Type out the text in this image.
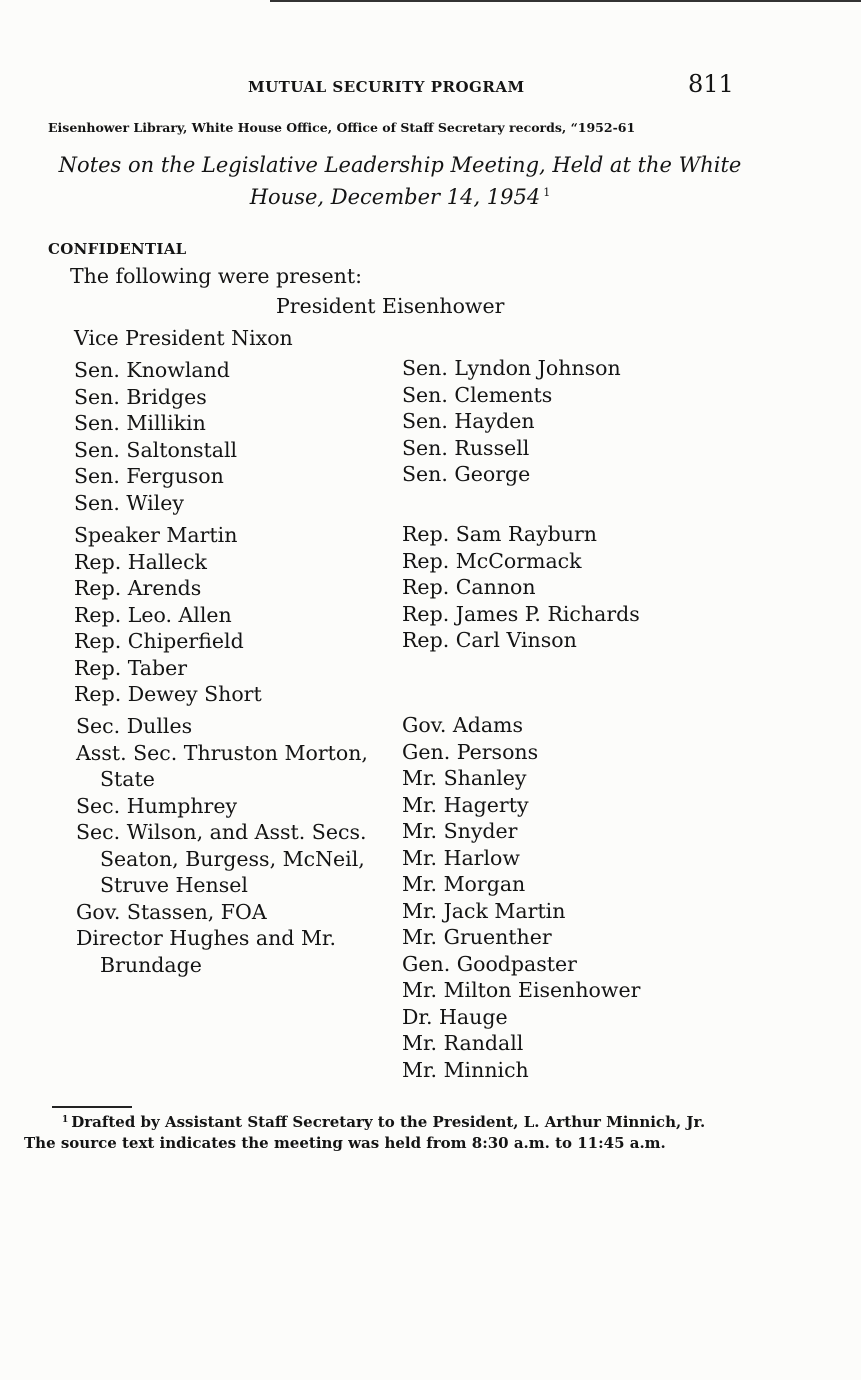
MUTUAL SECURITY PROGRAM	811
Eisenhower Library, White House Office, Office of Staff Secretary records, “1952-61
Notes on the Legislative Leadership Meeting, Held at the White
House, December 14, 1954 $^1$
CONFIDENTIAL
The following were present:
President Eisenhower
Vice President Nixon
Sen. Knowland
Sen. Bridges
Sen. Millikin
Sen. Saltonstall
Sen. Ferguson
Sen. Wiley
Sen. Lyndon Johnson
Sen. Clements
Sen. Hayden
Sen. Russell
Sen. George
Speaker Martin
Rep. Halleck
Rep. Arends
Rep. Leo. Allen
Rep. Chiperfield
Rep. Taber
Rep. Dewey Short
Rep. Sam Rayburn
Rep. McCormack
Rep. Cannon
Rep. James P. Richards
Rep. Carl Vinson
Sec. Dulles
Asst. Sec. Thruston Morton,
State
Sec. Humphrey
Sec. Wilson, and Asst. Secs.
Seaton, Burgess, McNeil,
Struve Hensel
Gov. Stassen, FOA
Director Hughes and Mr.
Brundage
Gov. Adams
Gen. Persons
Mr. Shanley
Mr. Hagerty
Mr. Snyder
Mr. Harlow
Mr. Morgan
Mr. Jack Martin
Mr. Gruenther
Gen. Goodpaster
Mr. Milton Eisenhower
Dr. Hauge
Mr. Randall
Mr. Minnich
$^1$ Drafted by Assistant Staff Secretary to the President, L. Arthur Minnich, Jr.
The source text indicates the meeting was held from 8:30 a.m. to 11:45 a.m.
